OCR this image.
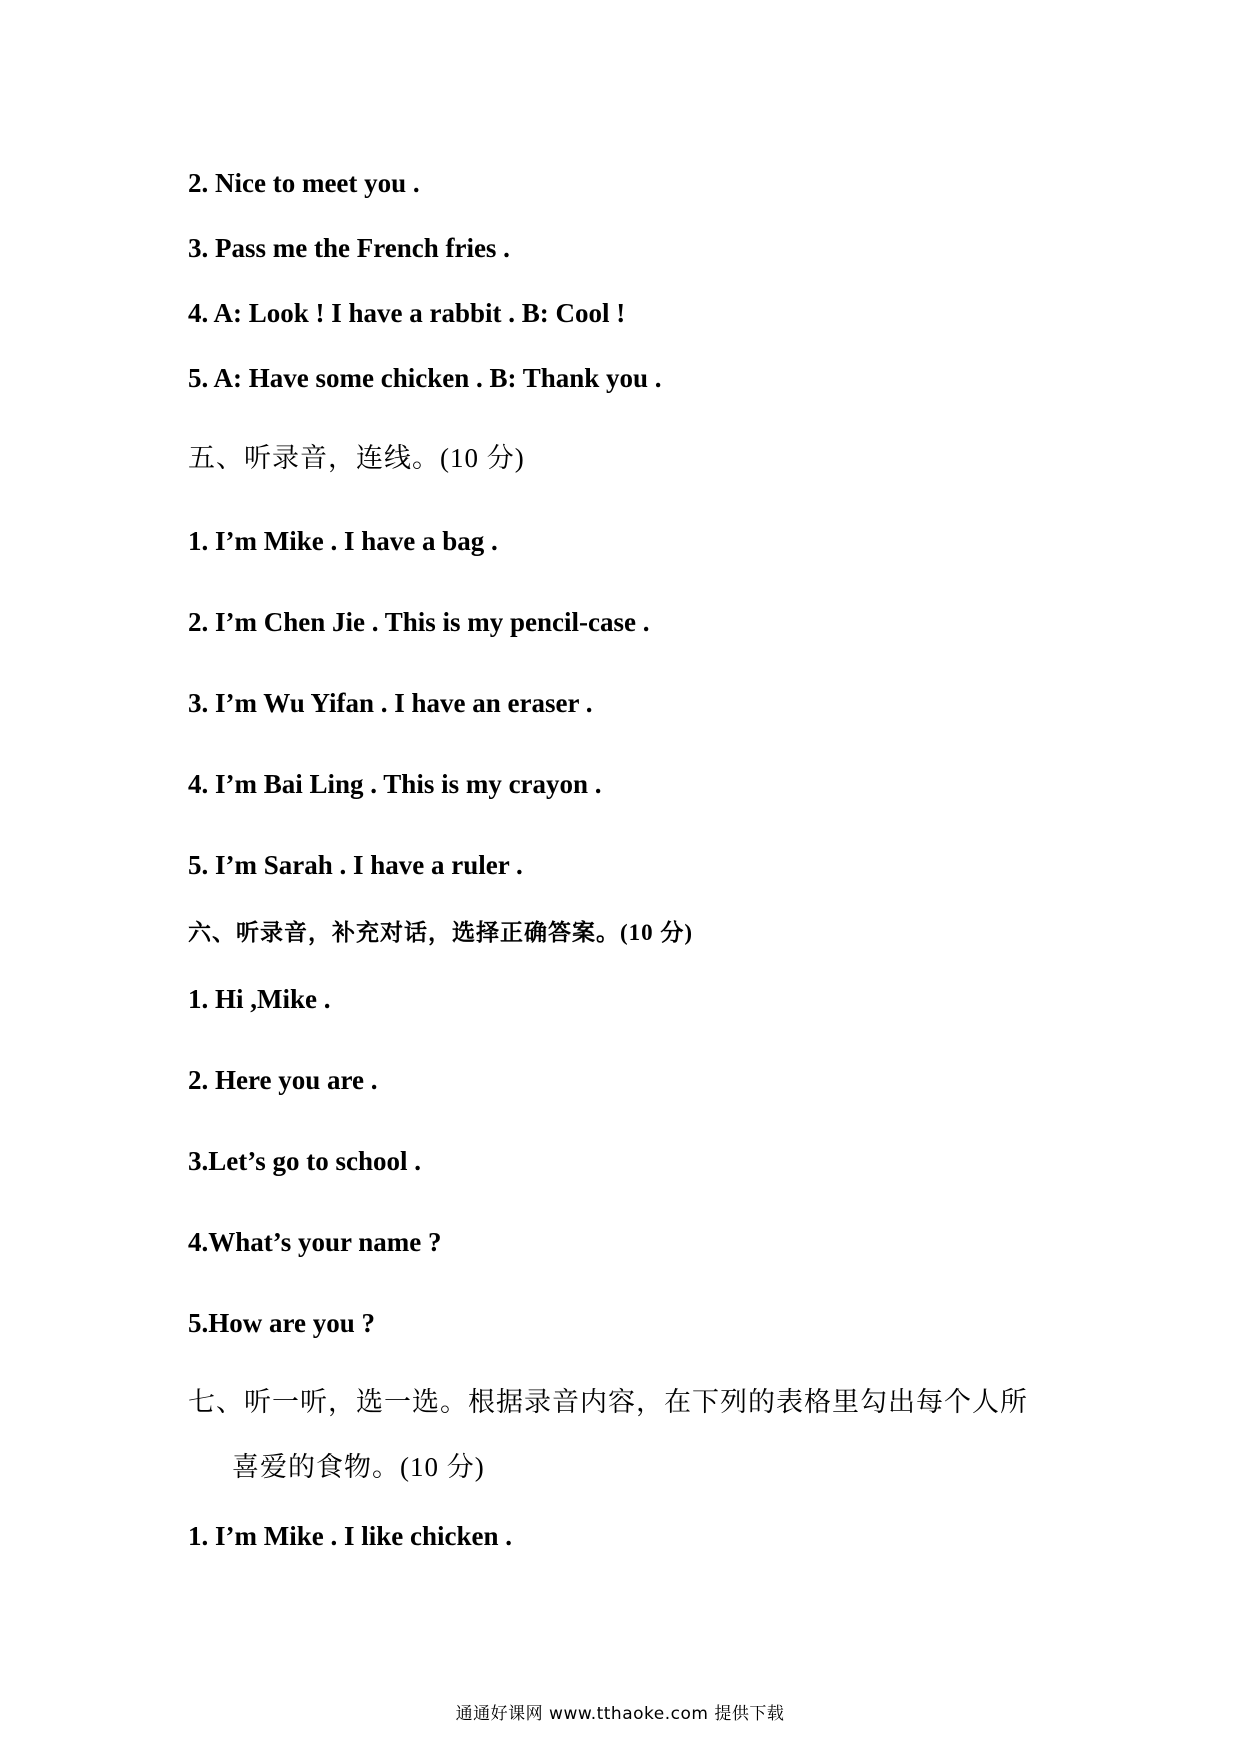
2. Nice to meet you .
3. Pass me the French fries .
4. A: Look ! I have a rabbit . B: Cool !
5. A: Have some chicken . B: Thank you .
五、听录音，连线。(10 分)
1. I’m Mike . I have a bag .
2. I’m Chen Jie . This is my pencil-case .
3. I’m Wu Yifan . I have an eraser .
4. I’m Bai Ling . This is my crayon .
5. I’m Sarah . I have a ruler .
六、听录音，补充对话，选择正确答案。(10 分)
1. Hi ,Mike .
2. Here you are .
3.Let’s go to school .
4.What’s your name ?
5.How are you ?
七、听一听，选一选。根据录音内容，在下列的表格里勾出每个人所
喜爱的食物。(10 分)
1. I’m Mike . I like chicken .
通通好课网 www.tthaoke.com 提供下载
